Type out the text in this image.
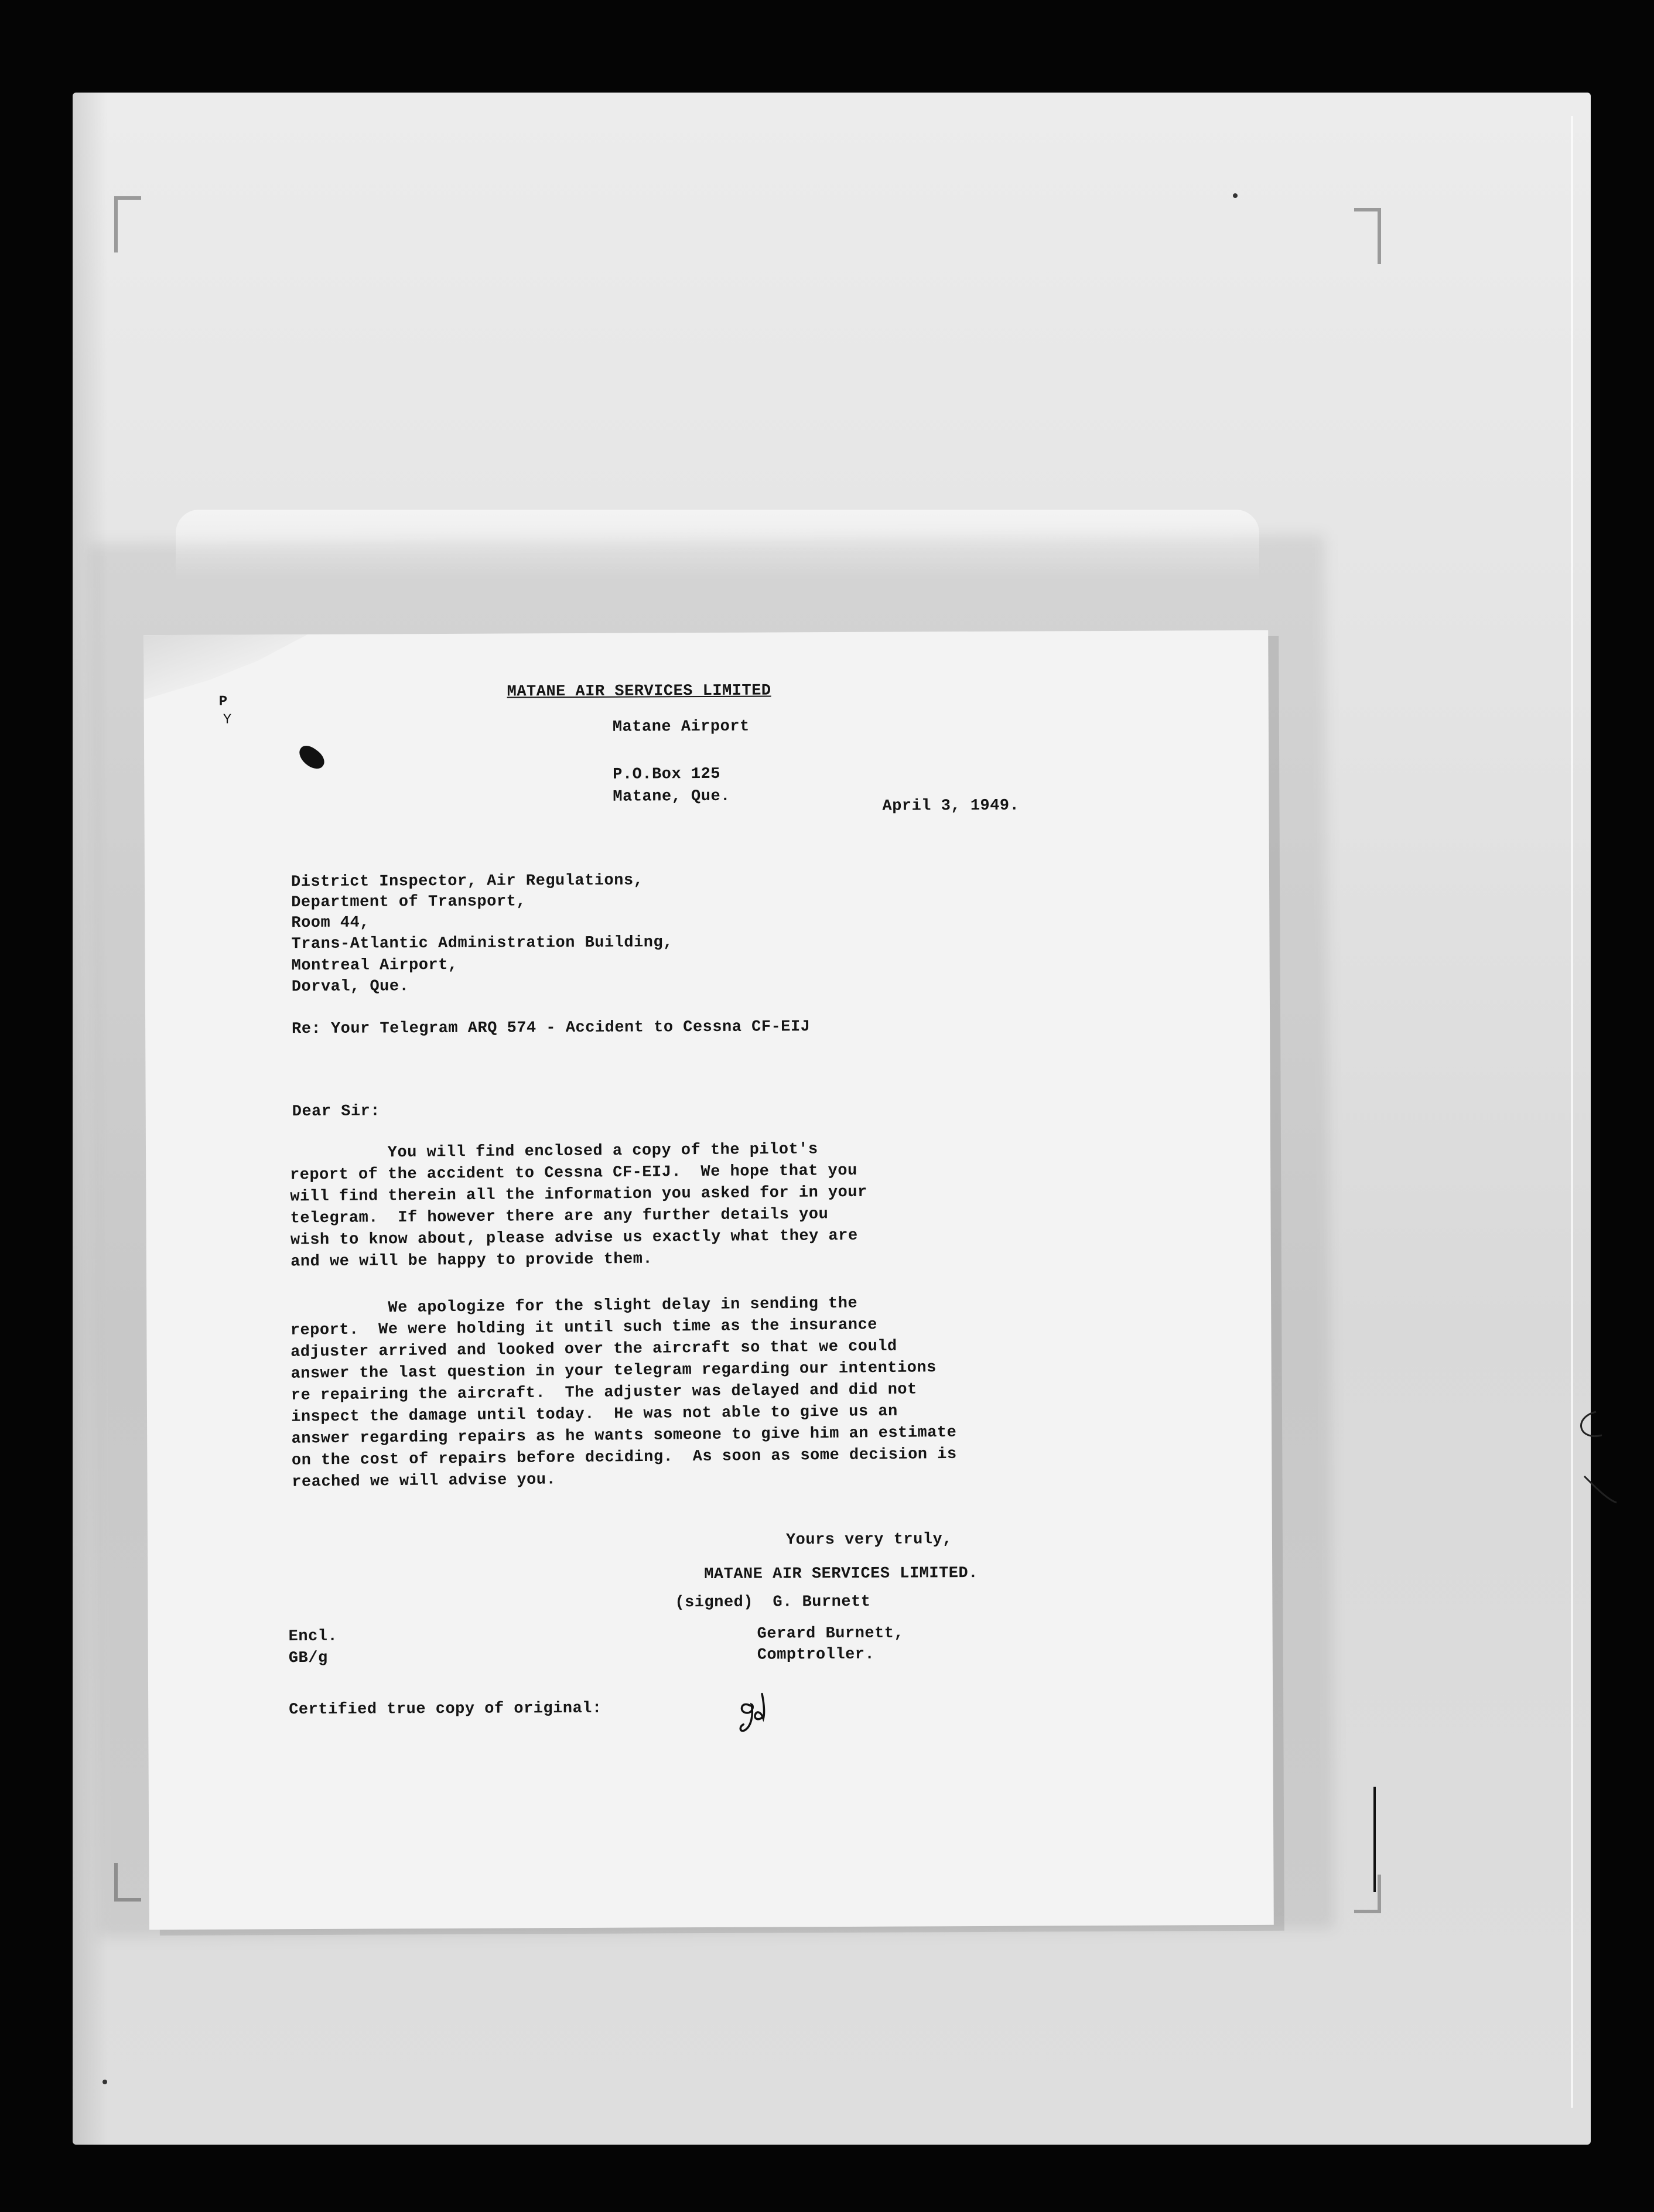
P
Y
MATANE AIR SERVICES LIMITED
Matane Airport
P.O.Box 125
Matane, Que.
April 3, 1949.
District Inspector, Air Regulations,
Department of Transport,
Room 44,
Trans-Atlantic Administration Building,
Montreal Airport,
Dorval, Que.
Re: Your Telegram ARQ 574 - Accident to Cessna CF-EIJ
Dear Sir:
You will find enclosed a copy of the pilot's
report of the accident to Cessna CF-EIJ.  We hope that you
will find therein all the information you asked for in your
telegram.  If however there are any further details you
wish to know about, please advise us exactly what they are
and we will be happy to provide them.
We apologize for the slight delay in sending the
report.  We were holding it until such time as the insurance
adjuster arrived and looked over the aircraft so that we could
answer the last question in your telegram regarding our intentions
re repairing the aircraft.  The adjuster was delayed and did not
inspect the damage until today.  He was not able to give us an
answer regarding repairs as he wants someone to give him an estimate
on the cost of repairs before deciding.  As soon as some decision is
reached we will advise you.
Yours very truly,
MATANE AIR SERVICES LIMITED.
(signed)  G. Burnett
Encl.
GB/g
Gerard Burnett,
Comptroller.
Certified true copy of original:
